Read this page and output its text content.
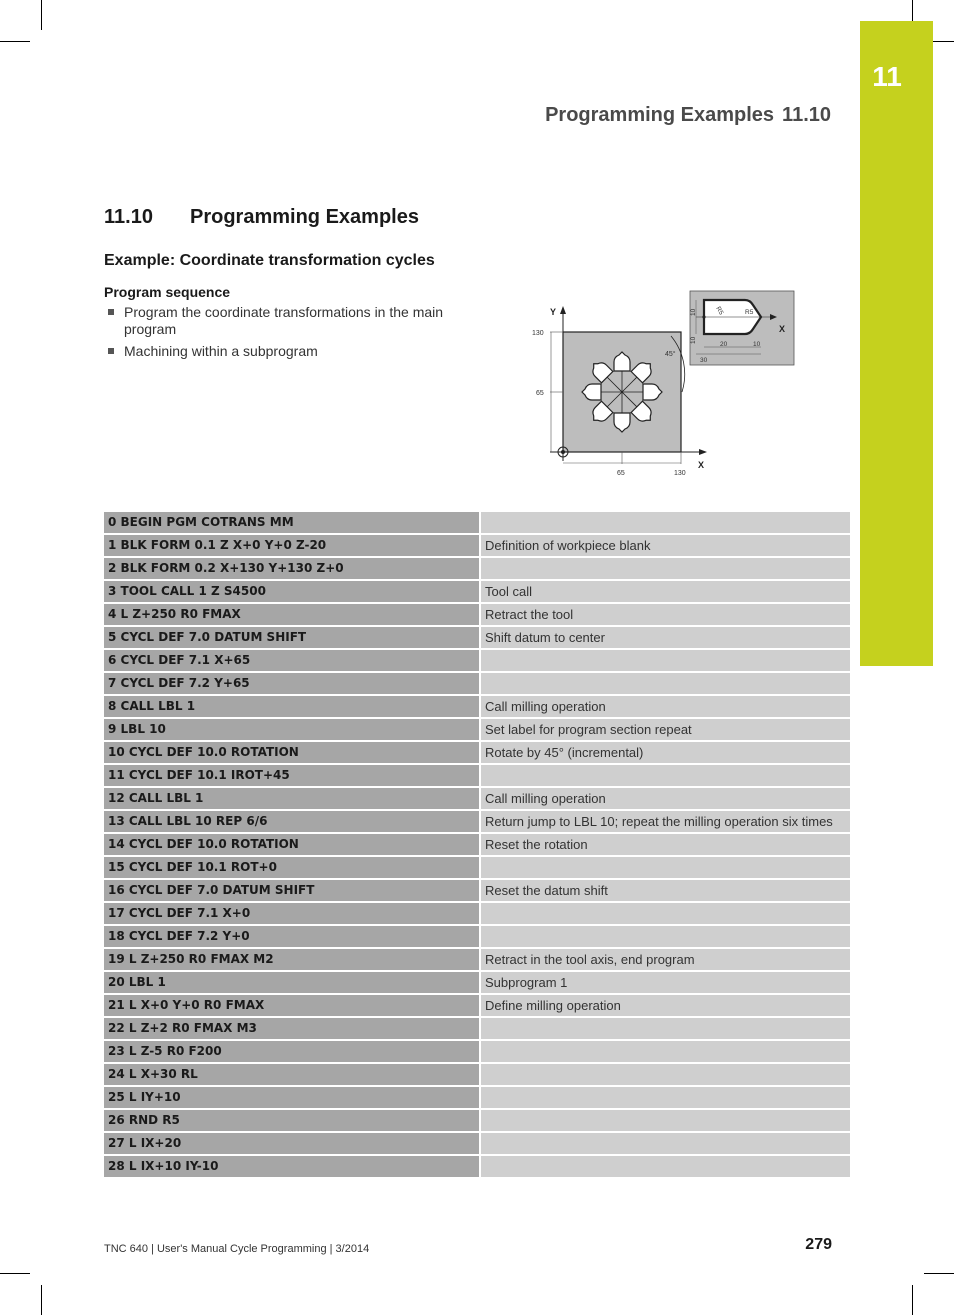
11
Programming Examples 11.10
11.10 Programming Examples
Example: Coordinate transformation cycles
Program sequence
Program the coordinate transformations in the main program
Machining within a subprogram	45°
Y
X
130
65
65	130
X
10
10	R5	R5
20	10
30
0 BEGIN PGM COTRANS MM	
1 BLK FORM 0.1 Z X+0 Y+0 Z-20	Definition of workpiece blank
2 BLK FORM 0.2 X+130 Y+130 Z+0	
3 TOOL CALL 1 Z S4500	Tool call
4 L Z+250 R0 FMAX	Retract the tool
5 CYCL DEF 7.0 DATUM SHIFT	Shift datum to center
6 CYCL DEF 7.1 X+65	
7 CYCL DEF 7.2 Y+65	
8 CALL LBL 1	Call milling operation
9 LBL 10	Set label for program section repeat
10 CYCL DEF 10.0 ROTATION	Rotate by 45° (incremental)
11 CYCL DEF 10.1 IROT+45	
12 CALL LBL 1	Call milling operation
13 CALL LBL 10 REP 6/6	Return jump to LBL 10; repeat the milling operation six times
14 CYCL DEF 10.0 ROTATION	Reset the rotation
15 CYCL DEF 10.1 ROT+0	
16 CYCL DEF 7.0 DATUM SHIFT	Reset the datum shift
17 CYCL DEF 7.1 X+0	
18 CYCL DEF 7.2 Y+0	
19 L Z+250 R0 FMAX M2	Retract in the tool axis, end program
20 LBL 1	Subprogram 1
21 L X+0 Y+0 R0 FMAX	Define milling operation
22 L Z+2 R0 FMAX M3	
23 L Z-5 R0 F200	
24 L X+30 RL	
25 L IY+10	
26 RND R5	
27 L IX+20	
28 L IX+10 IY-10	
TNC 640 | User's Manual Cycle Programming | 3/2014	279
